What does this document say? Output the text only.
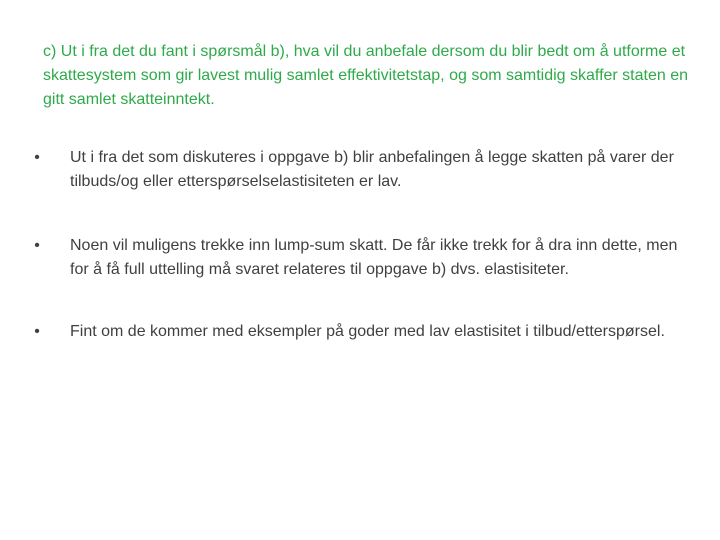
c) Ut i fra det du fant i spørsmål b), hva vil du anbefale dersom du blir bedt om å utforme et skattesystem som gir lavest mulig samlet effektivitetstap, og som samtidig skaffer staten en gitt samlet skatteinntekt.

•	Ut i fra det som diskuteres i oppgave b) blir anbefalingen å legge skatten på varer der tilbuds/og eller etterspørselselastisiteten er lav.
•	Noen vil muligens trekke inn lump-sum skatt. De får ikke trekk for å dra inn dette, men for å få full uttelling må svaret relateres til oppgave b) dvs. elastisiteter.
•	Fint om de kommer med eksempler på goder med lav elastisitet i tilbud/etterspørsel.
